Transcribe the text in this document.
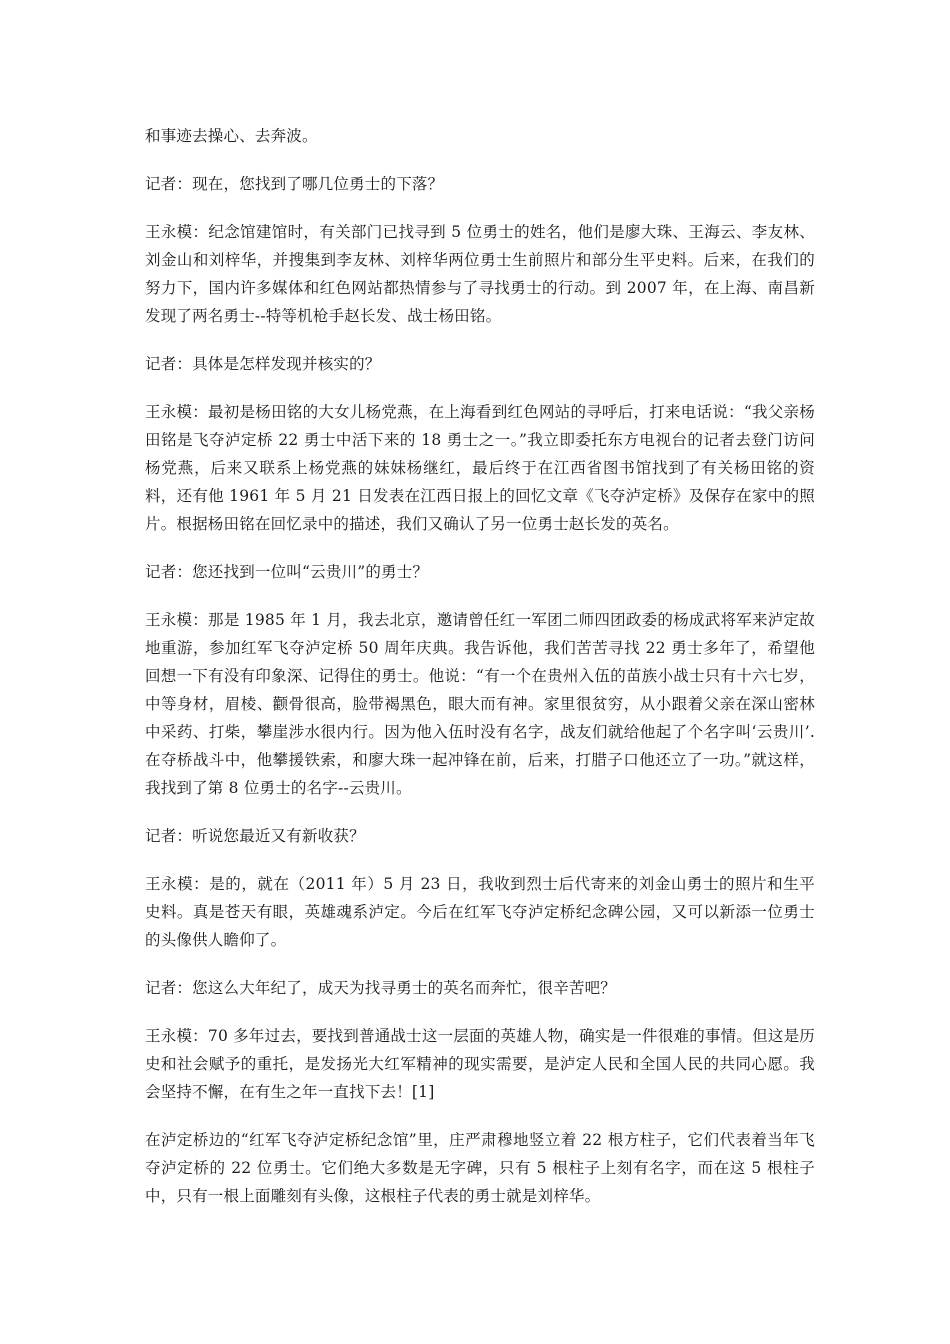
和事迹去操心、去奔波。

记者：现在，您找到了哪几位勇士的下落？

王永模：纪念馆建馆时，有关部门已找寻到 5 位勇士的姓名，他们是廖大珠、王海云、李友林、刘金山和刘梓华，并搜集到李友林、刘梓华两位勇士生前照片和部分生平史料。后来，在我们的努力下，国内许多媒体和红色网站都热情参与了寻找勇士的行动。到 2007 年，在上海、南昌新发现了两名勇士--特等机枪手赵长发、战士杨田铭。

记者：具体是怎样发现并核实的？

王永模：最初是杨田铭的大女儿杨党燕，在上海看到红色网站的寻呼后，打来电话说：“我父亲杨田铭是飞夺泸定桥 22 勇士中活下来的 18 勇士之一。”我立即委托东方电视台的记者去登门访问杨党燕，后来又联系上杨党燕的妹妹杨继红，最后终于在江西省图书馆找到了有关杨田铭的资料，还有他 1961 年 5 月 21 日发表在江西日报上的回忆文章《飞夺泸定桥》及保存在家中的照片。根据杨田铭在回忆录中的描述，我们又确认了另一位勇士赵长发的英名。

记者：您还找到一位叫“云贵川”的勇士？

王永模：那是 1985 年 1 月，我去北京，邀请曾任红一军团二师四团政委的杨成武将军来泸定故地重游，参加红军飞夺泸定桥 50 周年庆典。我告诉他，我们苦苦寻找 22 勇士多年了，希望他回想一下有没有印象深、记得住的勇士。他说：“有一个在贵州入伍的苗族小战士只有十六七岁，中等身材，眉棱、颧骨很高，脸带褐黑色，眼大而有神。家里很贫穷，从小跟着父亲在深山密林中采药、打柴，攀崖涉水很内行。因为他入伍时没有名字，战友们就给他起了个名字叫‘云贵川’.在夺桥战斗中，他攀援铁索，和廖大珠一起冲锋在前，后来，打腊子口他还立了一功。”就这样，我找到了第 8 位勇士的名字--云贵川。

记者：听说您最近又有新收获？

王永模：是的，就在（2011 年）5 月 23 日，我收到烈士后代寄来的刘金山勇士的照片和生平史料。真是苍天有眼，英雄魂系泸定。今后在红军飞夺泸定桥纪念碑公园，又可以新添一位勇士的头像供人瞻仰了。

记者：您这么大年纪了，成天为找寻勇士的英名而奔忙，很辛苦吧？

王永模：70 多年过去，要找到普通战士这一层面的英雄人物，确实是一件很难的事情。但这是历史和社会赋予的重托，是发扬光大红军精神的现实需要，是泸定人民和全国人民的共同心愿。我会坚持不懈，在有生之年一直找下去！[1]

在泸定桥边的“红军飞夺泸定桥纪念馆”里，庄严肃穆地竖立着 22 根方柱子，它们代表着当年飞夺泸定桥的 22 位勇士。它们绝大多数是无字碑，只有 5 根柱子上刻有名字，而在这 5 根柱子中，只有一根上面雕刻有头像，这根柱子代表的勇士就是刘梓华。
